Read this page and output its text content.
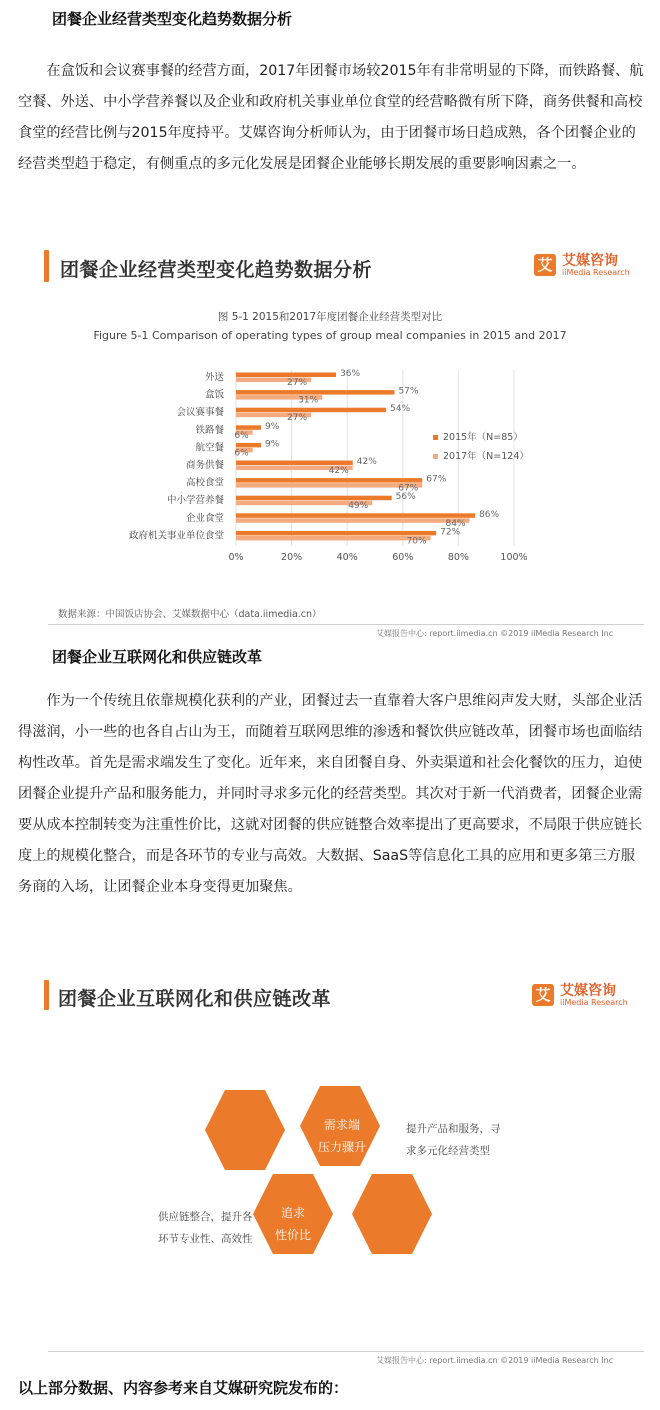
团餐企业经营类型变化趋势数据分析
在盒饭和会议赛事餐的经营方面，2017年团餐市场较2015年有非常明显的下降，而铁路餐、航空餐、外送、中小学营养餐以及企业和政府机关事业单位食堂的经营略微有所下降，商务供餐和高校食堂的经营比例与2015年度持平。艾媒咨询分析师认为，由于团餐市场日趋成熟，各个团餐企业的经营类型趋于稳定，有侧重点的多元化发展是团餐企业能够长期发展的重要影响因素之一。
团餐企业经营类型变化趋势数据分析	艾 艾媒咨询
iiMedia Research
图 5-1 2015和2017年度团餐企业经营类型对比
Figure 5-1 Comparison of operating types of group meal companies in 2015 and 2017
36%
27%
57%
31%
54%
27%
9%
6%
9%
6%
42%
42%
67%
67%
56%
49%
86%
84%
72%
70%
外送
盒饭
会议赛事餐
铁路餐
航空餐
商务供餐
高校食堂
中小学营养餐
企业食堂
政府机关事业单位食堂
0%	20%	40%	60%	80%	100%
2015年（N=85）
2017年（N=124）
数据来源：中国饭店协会、艾媒数据中心（data.iimedia.cn）
艾媒报告中心: report.iimedia.cn ©2019 iiMedia Research Inc
团餐企业互联网化和供应链改革
作为一个传统且依靠规模化获利的产业，团餐过去一直靠着大客户思维闷声发大财，头部企业活得滋润，小一些的也各自占山为王，而随着互联网思维的渗透和餐饮供应链改革，团餐市场也面临结构性改革。首先是需求端发生了变化。近年来，来自团餐自身、外卖渠道和社会化餐饮的压力，迫使团餐企业提升产品和服务能力，并同时寻求多元化的经营类型。其次对于新一代消费者，团餐企业需要从成本控制转变为注重性价比，这就对团餐的供应链整合效率提出了更高要求，不局限于供应链长度上的规模化整合，而是各环节的专业与高效。大数据、SaaS等信息化工具的应用和更多第三方服务商的入场，让团餐企业本身变得更加聚焦。
团餐企业互联网化和供应链改革	艾 艾媒咨询
iiMedia Research
需求端
压力骤升
追求
性价比
提升产品和服务，寻
求多元化经营类型
供应链整合，提升各
环节专业性、高效性
艾媒报告中心: report.iimedia.cn ©2019 iiMedia Research Inc
以上部分数据、内容参考来自艾媒研究院发布的：
